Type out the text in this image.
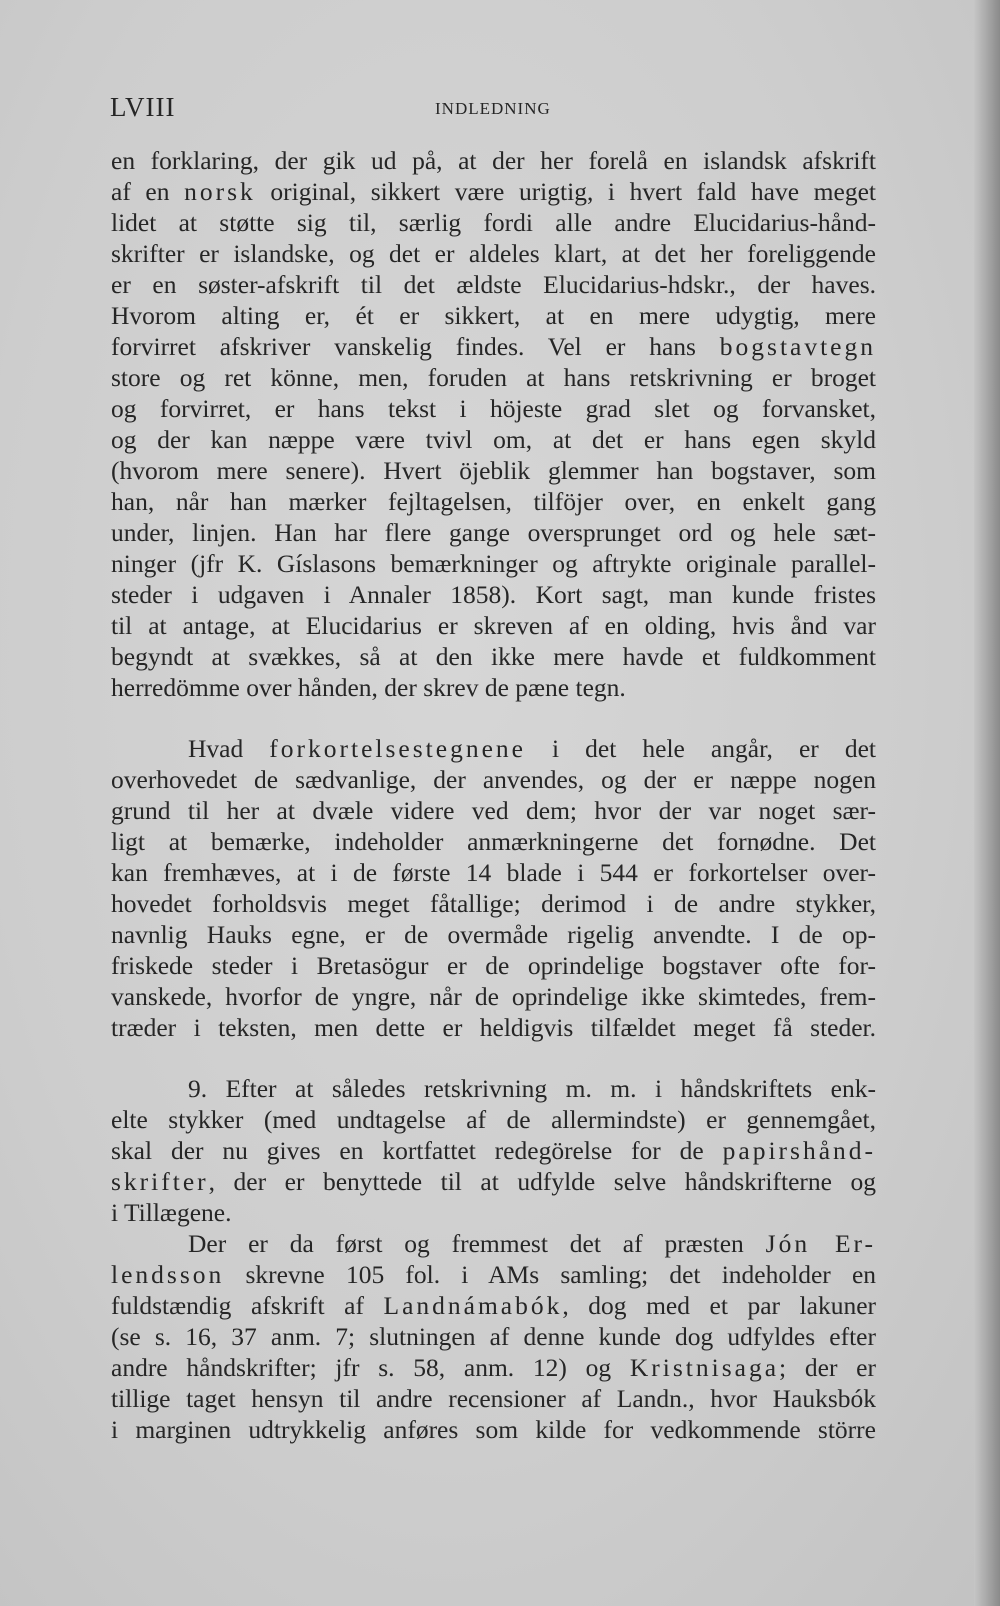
LVIII	INDLEDNING
en forklaring, der gik ud på, at der her forelå en islandsk afskrift
af en norsk original, sikkert være urigtig, i hvert fald have meget
lidet at støtte sig til, særlig fordi alle andre Elucidarius-hånd-
skrifter er islandske, og det er aldeles klart, at det her foreliggende
er en søster-afskrift til det ældste Elucidarius-hdskr., der haves.
Hvorom alting er, ét er sikkert, at en mere udygtig, mere
forvirret afskriver vanskelig findes. Vel er hans bogstavtegn
store og ret könne, men, foruden at hans retskrivning er broget
og forvirret, er hans tekst i höjeste grad slet og forvansket,
og der kan næppe være tvivl om, at det er hans egen skyld
(hvorom mere senere). Hvert öjeblik glemmer han bogstaver, som
han, når han mærker fejltagelsen, tilföjer over, en enkelt gang
under, linjen. Han har flere gange oversprunget ord og hele sæt-
ninger (jfr K. Gíslasons bemærkninger og aftrykte originale parallel-
steder i udgaven i Annaler 1858). Kort sagt, man kunde fristes
til at antage, at Elucidarius er skreven af en olding, hvis ånd var
begyndt at svækkes, så at den ikke mere havde et fuldkomment
herredömme over hånden, der skrev de pæne tegn.
Hvad forkortelsestegnene i det hele angår, er det
overhovedet de sædvanlige, der anvendes, og der er næppe nogen
grund til her at dvæle videre ved dem; hvor der var noget sær-
ligt at bemærke, indeholder anmærkningerne det fornødne. Det
kan fremhæves, at i de første 14 blade i 544 er forkortelser over-
hovedet forholdsvis meget fåtallige; derimod i de andre stykker,
navnlig Hauks egne, er de overmåde rigelig anvendte. I de op-
friskede steder i Bretasögur er de oprindelige bogstaver ofte for-
vanskede, hvorfor de yngre, når de oprindelige ikke skimtedes, frem-
træder i teksten, men dette er heldigvis tilfældet meget få steder.
9. Efter at således retskrivning m. m. i håndskriftets enk-
elte stykker (med undtagelse af de allermindste) er gennemgået,
skal der nu gives en kortfattet redegörelse for de papirshånd-
skrifter, der er benyttede til at udfylde selve håndskrifterne og
i Tillægene.
Der er da først og fremmest det af præsten Jón Er-
lendsson skrevne 105 fol. i AMs samling; det indeholder en
fuldstændig afskrift af Landnámabók, dog med et par lakuner
(se s. 16, 37 anm. 7; slutningen af denne kunde dog udfyldes efter
andre håndskrifter; jfr s. 58, anm. 12) og Kristnisaga; der er
tillige taget hensyn til andre recensioner af Landn., hvor Hauksbók
i marginen udtrykkelig anføres som kilde for vedkommende större
